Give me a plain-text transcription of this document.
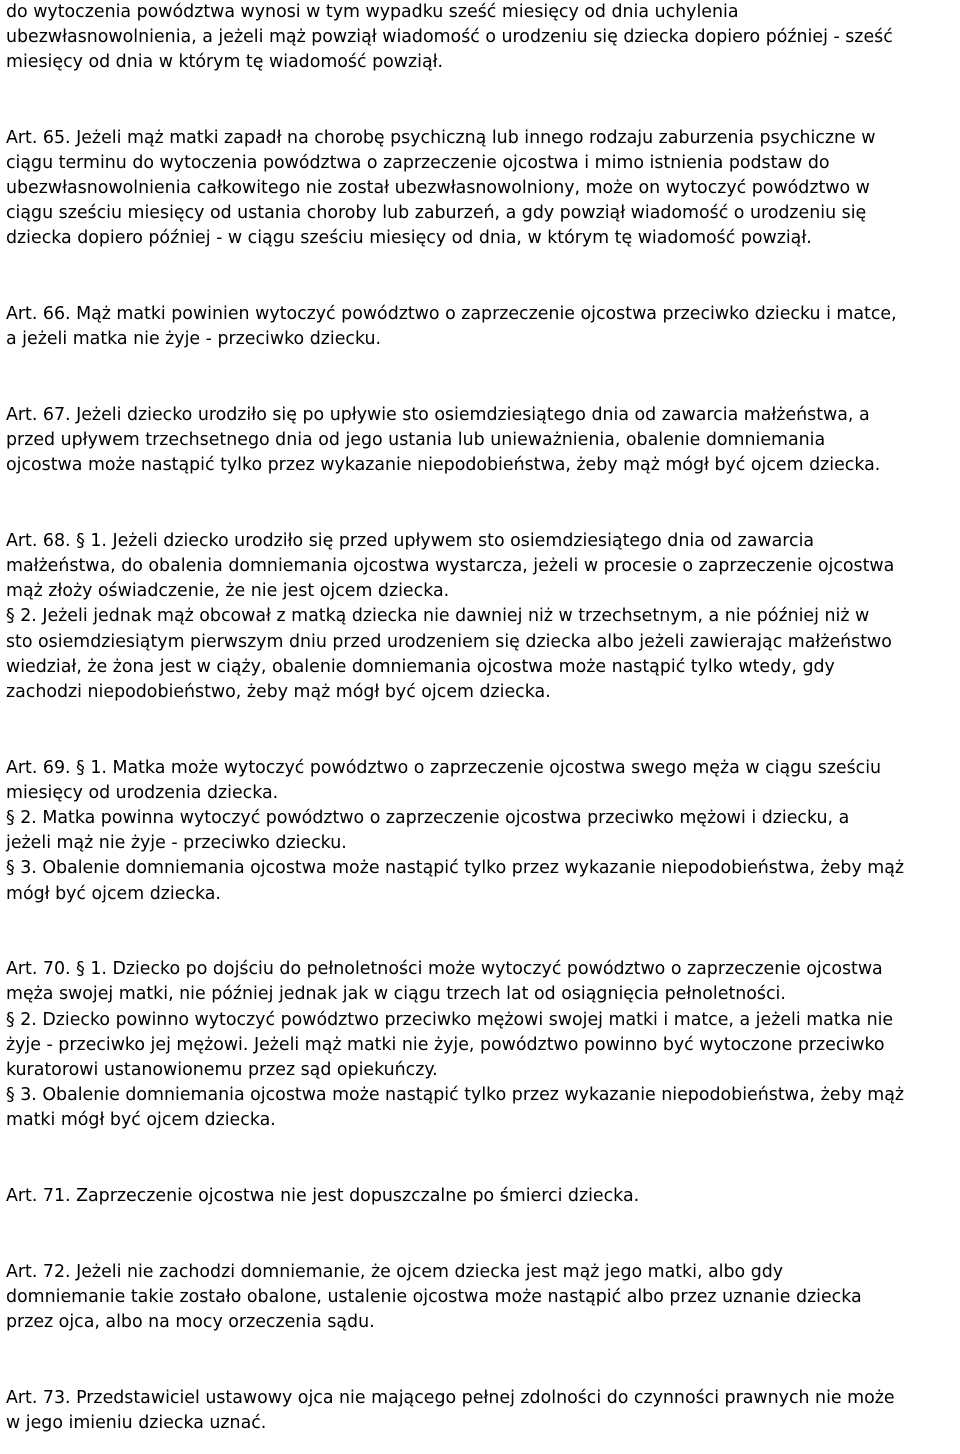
do wytoczenia powództwa wynosi w tym wypadku sześć miesięcy od dnia uchylenia
ubezwłasnowolnienia, a jeżeli mąż powziął wiadomość o urodzeniu się dziecka dopiero później - sześć
miesięcy od dnia w którym tę wiadomość powziął.
Art. 65. Jeżeli mąż matki zapadł na chorobę psychiczną lub innego rodzaju zaburzenia psychiczne w
ciągu terminu do wytoczenia powództwa o zaprzeczenie ojcostwa i mimo istnienia podstaw do
ubezwłasnowolnienia całkowitego nie został ubezwłasnowolniony, może on wytoczyć powództwo w
ciągu sześciu miesięcy od ustania choroby lub zaburzeń, a gdy powziął wiadomość o urodzeniu się
dziecka dopiero później - w ciągu sześciu miesięcy od dnia, w którym tę wiadomość powziął.
Art. 66. Mąż matki powinien wytoczyć powództwo o zaprzeczenie ojcostwa przeciwko dziecku i matce,
a jeżeli matka nie żyje - przeciwko dziecku.
Art. 67. Jeżeli dziecko urodziło się po upływie sto osiemdziesiątego dnia od zawarcia małżeństwa, a
przed upływem trzechsetnego dnia od jego ustania lub unieważnienia, obalenie domniemania
ojcostwa może nastąpić tylko przez wykazanie niepodobieństwa, żeby mąż mógł być ojcem dziecka.
Art. 68. § 1. Jeżeli dziecko urodziło się przed upływem sto osiemdziesiątego dnia od zawarcia
małżeństwa, do obalenia domniemania ojcostwa wystarcza, jeżeli w procesie o zaprzeczenie ojcostwa
mąż złoży oświadczenie, że nie jest ojcem dziecka.
§ 2. Jeżeli jednak mąż obcował z matką dziecka nie dawniej niż w trzechsetnym, a nie później niż w
sto osiemdziesiątym pierwszym dniu przed urodzeniem się dziecka albo jeżeli zawierając małżeństwo
wiedział, że żona jest w ciąży, obalenie domniemania ojcostwa może nastąpić tylko wtedy, gdy
zachodzi niepodobieństwo, żeby mąż mógł być ojcem dziecka.
Art. 69. § 1. Matka może wytoczyć powództwo o zaprzeczenie ojcostwa swego męża w ciągu sześciu
miesięcy od urodzenia dziecka.
§ 2. Matka powinna wytoczyć powództwo o zaprzeczenie ojcostwa przeciwko mężowi i dziecku, a
jeżeli mąż nie żyje - przeciwko dziecku.
§ 3. Obalenie domniemania ojcostwa może nastąpić tylko przez wykazanie niepodobieństwa, żeby mąż
mógł być ojcem dziecka.
Art. 70. § 1. Dziecko po dojściu do pełnoletności może wytoczyć powództwo o zaprzeczenie ojcostwa
męża swojej matki, nie później jednak jak w ciągu trzech lat od osiągnięcia pełnoletności.
§ 2. Dziecko powinno wytoczyć powództwo przeciwko mężowi swojej matki i matce, a jeżeli matka nie
żyje - przeciwko jej mężowi. Jeżeli mąż matki nie żyje, powództwo powinno być wytoczone przeciwko
kuratorowi ustanowionemu przez sąd opiekuńczy.
§ 3. Obalenie domniemania ojcostwa może nastąpić tylko przez wykazanie niepodobieństwa, żeby mąż
matki mógł być ojcem dziecka.
Art. 71. Zaprzeczenie ojcostwa nie jest dopuszczalne po śmierci dziecka.
Art. 72. Jeżeli nie zachodzi domniemanie, że ojcem dziecka jest mąż jego matki, albo gdy
domniemanie takie zostało obalone, ustalenie ojcostwa może nastąpić albo przez uznanie dziecka
przez ojca, albo na mocy orzeczenia sądu.
Art. 73. Przedstawiciel ustawowy ojca nie mającego pełnej zdolności do czynności prawnych nie może
w jego imieniu dziecka uznać.
